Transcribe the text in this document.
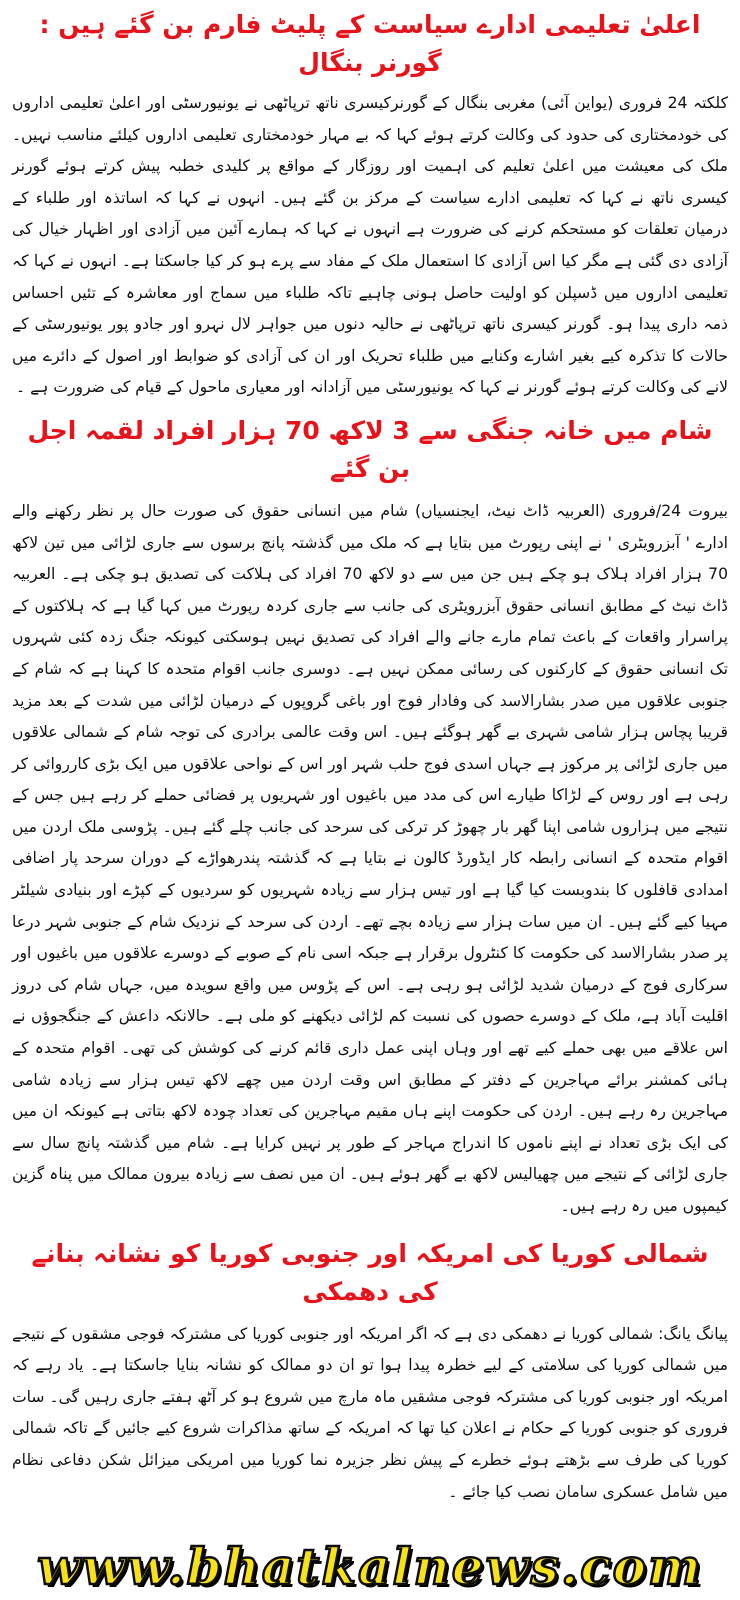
اعلیٰ تعلیمی ادارے سیاست کے پلیٹ فارم بن گئے ہیں : گورنر بنگال

کلکتہ 24 فروری (یواین آئی) مغربی بنگال کے گورنرکیسری ناتھ ترپاٹھی نے یونیورسٹی اور اعلیٰ تعلیمی اداروں کی خودمختاری کی حدود کی وکالت کرتے ہوئے کہا کہ بے مہار خودمختاری تعلیمی اداروں کیلئے مناسب نہیں۔ ملک کی معیشت میں اعلیٰ تعلیم کی اہمیت اور روزگار کے مواقع پر کلیدی خطبہ پیش کرتے ہوئے گورنر کیسری ناتھ نے کہا کہ تعلیمی ادارے سیاست کے مرکز بن گئے ہیں۔ انہوں نے کہا کہ اساتذہ اور طلباء کے درمیان تعلقات کو مستحکم کرنے کی ضرورت ہے انہوں نے کہا کہ ہمارے آئین میں آزادی اور اظہار خیال کی آزادی دی گئی ہے مگر کیا اس آزادی کا استعمال ملک کے مفاد سے پرے ہو کر کیا جاسکتا ہے۔ انہوں نے کہا کہ تعلیمی اداروں میں ڈسپلن کو اولیت حاصل ہونی چاہیے تاکہ طلباء میں سماج اور معاشرہ کے تئیں احساس ذمہ داری پیدا ہو۔ گورنر کیسری ناتھ ترپاٹھی نے حالیہ دنوں میں جواہر لال نہرو اور جادو پور یونیورسٹی کے حالات کا تذکرہ کیے بغیر اشارے وکنایے میں طلباء تحریک اور ان کی آزادی کو ضوابط اور اصول کے دائرے میں لانے کی وکالت کرتے ہوئے گورنر نے کہا کہ یونیورسٹی میں آزادانہ اور معیاری ماحول کے قیام کی ضرورت ہے ۔

شام میں خانہ جنگی سے 3 لاکھ 70 ہزار افراد لقمہ اجل بن گئے

بیروت 24/فروری (العربیہ ڈاٹ نیٹ، ایجنسیاں) شام میں انسانی حقوق کی صورت حال پر نظر رکھنے والے ادارے ' آبزرویٹری ' نے اپنی رپورٹ میں بتایا ہے کہ ملک میں گذشتہ پانچ برسوں سے جاری لڑائی میں تین لاکھ 70 ہزار افراد ہلاک ہو چکے ہیں جن میں سے دو لاکھ 70 افراد کی ہلاکت کی تصدیق ہو چکی ہے۔ العربیہ ڈاٹ نیٹ کے مطابق انسانی حقوق آبزرویٹری کی جانب سے جاری کردہ رپورٹ میں کہا گیا ہے کہ ہلاکتوں کے پراسرار واقعات کے باعث تمام مارے جانے والے افراد کی تصدیق نہیں ہوسکتی کیونکہ جنگ زدہ کئی شہروں تک انسانی حقوق کے کارکنوں کی رسائی ممکن نہیں ہے۔ دوسری جانب اقوام متحدہ کا کہنا ہے کہ شام کے جنوبی علاقوں میں صدر بشارالاسد کی وفادار فوج اور باغی گروپوں کے درمیان لڑائی میں شدت کے بعد مزید قریبا پچاس ہزار شامی شہری بے گھر ہوگئے ہیں۔ اس وقت عالمی برادری کی توجہ شام کے شمالی علاقوں میں جاری لڑائی پر مرکوز ہے جہاں اسدی فوج حلب شہر اور اس کے نواحی علاقوں میں ایک بڑی کارروائی کر رہی ہے اور روس کے لڑاکا طیارے اس کی مدد میں باغیوں اور شہریوں پر فضائی حملے کر رہے ہیں جس کے نتیجے میں ہزاروں شامی اپنا گھر بار چھوڑ کر ترکی کی سرحد کی جانب چلے گئے ہیں۔ پڑوسی ملک اردن میں اقوام متحدہ کے انسانی رابطہ کار ایڈورڈ کالون نے بتایا ہے کہ گذشتہ پندرھواڑے کے دوران سرحد پار اضافی امدادی قافلوں کا بندوبست کیا گیا ہے اور تیس ہزار سے زیادہ شہریوں کو سردیوں کے کپڑے اور بنیادی شیلٹر مہیا کیے گئے ہیں۔ ان میں سات ہزار سے زیادہ بچے تھے۔ اردن کی سرحد کے نزدیک شام کے جنوبی شہر درعا پر صدر بشارالاسد کی حکومت کا کنٹرول برقرار ہے جبکہ اسی نام کے صوبے کے دوسرے علاقوں میں باغیوں اور سرکاری فوج کے درمیان شدید لڑائی ہو رہی ہے۔ اس کے پڑوس میں واقع سویدہ میں، جہاں شام کی دروز اقلیت آباد ہے، ملک کے دوسرے حصوں کی نسبت کم لڑائی دیکھنے کو ملی ہے۔ حالانکہ داعش کے جنگجوؤں نے اس علاقے میں بھی حملے کیے تھے اور وہاں اپنی عمل داری قائم کرنے کی کوشش کی تھی۔ اقوام متحدہ کے ہائی کمشنر برائے مہاجرین کے دفتر کے مطابق اس وقت اردن میں چھے لاکھ تیس ہزار سے زیادہ شامی مہاجرین رہ رہے ہیں۔ اردن کی حکومت اپنے ہاں مقیم مہاجرین کی تعداد چودہ لاکھ بتاتی ہے کیونکہ ان میں کی ایک بڑی تعداد نے اپنے ناموں کا اندراج مہاجر کے طور پر نہیں کرایا ہے۔ شام میں گذشتہ پانچ سال سے جاری لڑائی کے نتیجے میں چھیالیس لاکھ بے گھر ہوئے ہیں۔ ان میں نصف سے زیادہ بیرون ممالک میں پناہ گزین کیمپوں میں رہ رہے ہیں۔

شمالی کوریا کی امریکہ اور جنوبی کوریا کو نشانہ بنانے کی دھمکی

پیانگ یانگ: شمالی کوریا نے دھمکی دی ہے کہ اگر امریکہ اور جنوبی کوریا کی مشترکہ فوجی مشقوں کے نتیجے میں شمالی کوریا کی سلامتی کے لیے خطرہ پیدا ہوا تو ان دو ممالک کو نشانہ بنایا جاسکتا ہے۔ یاد رہے کہ امریکہ اور جنوبی کوریا کی مشترکہ فوجی مشقیں ماہ مارچ میں شروع ہو کر آٹھ ہفتے جاری رہیں گی۔ سات فروری کو جنوبی کوریا کے حکام نے اعلان کیا تھا کہ امریکہ کے ساتھ مذاکرات شروع کیے جائیں گے تاکہ شمالی کوریا کی طرف سے بڑھتے ہوئے خطرے کے پیش نظر جزیرہ نما کوریا میں امریکی میزائل شکن دفاعی نظام میں شامل عسکری سامان نصب کیا جائے ۔

www.bhatkalnews.com
